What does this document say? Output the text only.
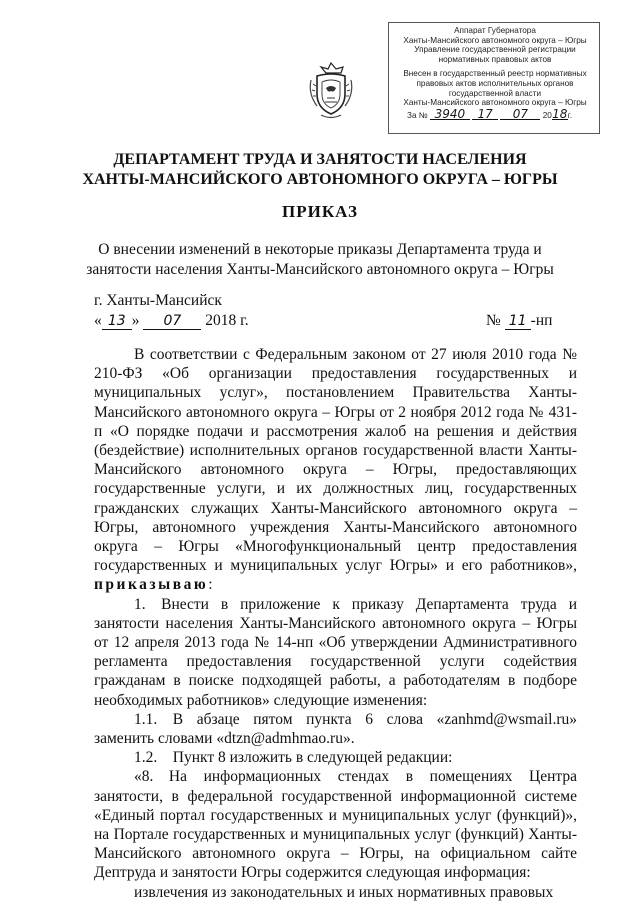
Аппарат Губернатора
Ханты-Мансийского автономного округа – Югры
Управление государственной регистрации
нормативных правовых актов
Внесен в государственный реестр нормативных
правовых актов исполнительных органов
государственной власти
Ханты-Мансийского автономного округа – Югры
За № 3940 17 07 2018г.
ДЕПАРТАМЕНТ ТРУДА И ЗАНЯТОСТИ НАСЕЛЕНИЯ
ХАНТЫ-МАНСИЙСКОГО АВТОНОМНОГО ОКРУГА – ЮГРЫ
ПРИКАЗ
О внесении изменений в некоторые приказы Департамента труда и
занятости населения Ханты-Мансийского автономного округа – Югры
г. Ханты-Мансийск
« 13 » 07 2018 г.	№ 11 -нп

В соответствии с Федеральным законом от 27 июля 2010 года № 210-ФЗ «Об организации предоставления государственных и муниципальных услуг», постановлением Правительства Ханты-Мансийского автономного округа – Югры от 2 ноября 2012 года № 431-п «О порядке подачи и рассмотрения жалоб на решения и действия (бездействие) исполнительных органов государственной власти Ханты-Мансийского автономного округа – Югры, предоставляющих государственные услуги, и их должностных лиц, государственных гражданских служащих Ханты-Мансийского автономного округа – Югры, автономного учреждения Ханты-Мансийского автономного округа – Югры «Многофункциональный центр предоставления государственных и муниципальных услуг Югры» и его работников», приказываю:

1. Внести в приложение к приказу Департамента труда и занятости населения Ханты-Мансийского автономного округа – Югры от 12 апреля 2013 года № 14-нп «Об утверждении Административного регламента предоставления государственной услуги содействия гражданам в поиске подходящей работы, а работодателям в подборе необходимых работников» следующие изменения:

1.1. В абзаце пятом пункта 6 слова «zanhmd@wsmail.ru» заменить словами «dtzn@admhmao.ru».

1.2. Пункт 8 изложить в следующей редакции:

«8. На информационных стендах в помещениях Центра занятости, в федеральной государственной информационной системе «Единый портал государственных и муниципальных услуг (функций)», на Портале государственных и муниципальных услуг (функций) Ханты-Мансийского автономного округа – Югры, на официальном сайте Дептруда и занятости Югры содержится следующая информация:

извлечения из законодательных и иных нормативных правовых
